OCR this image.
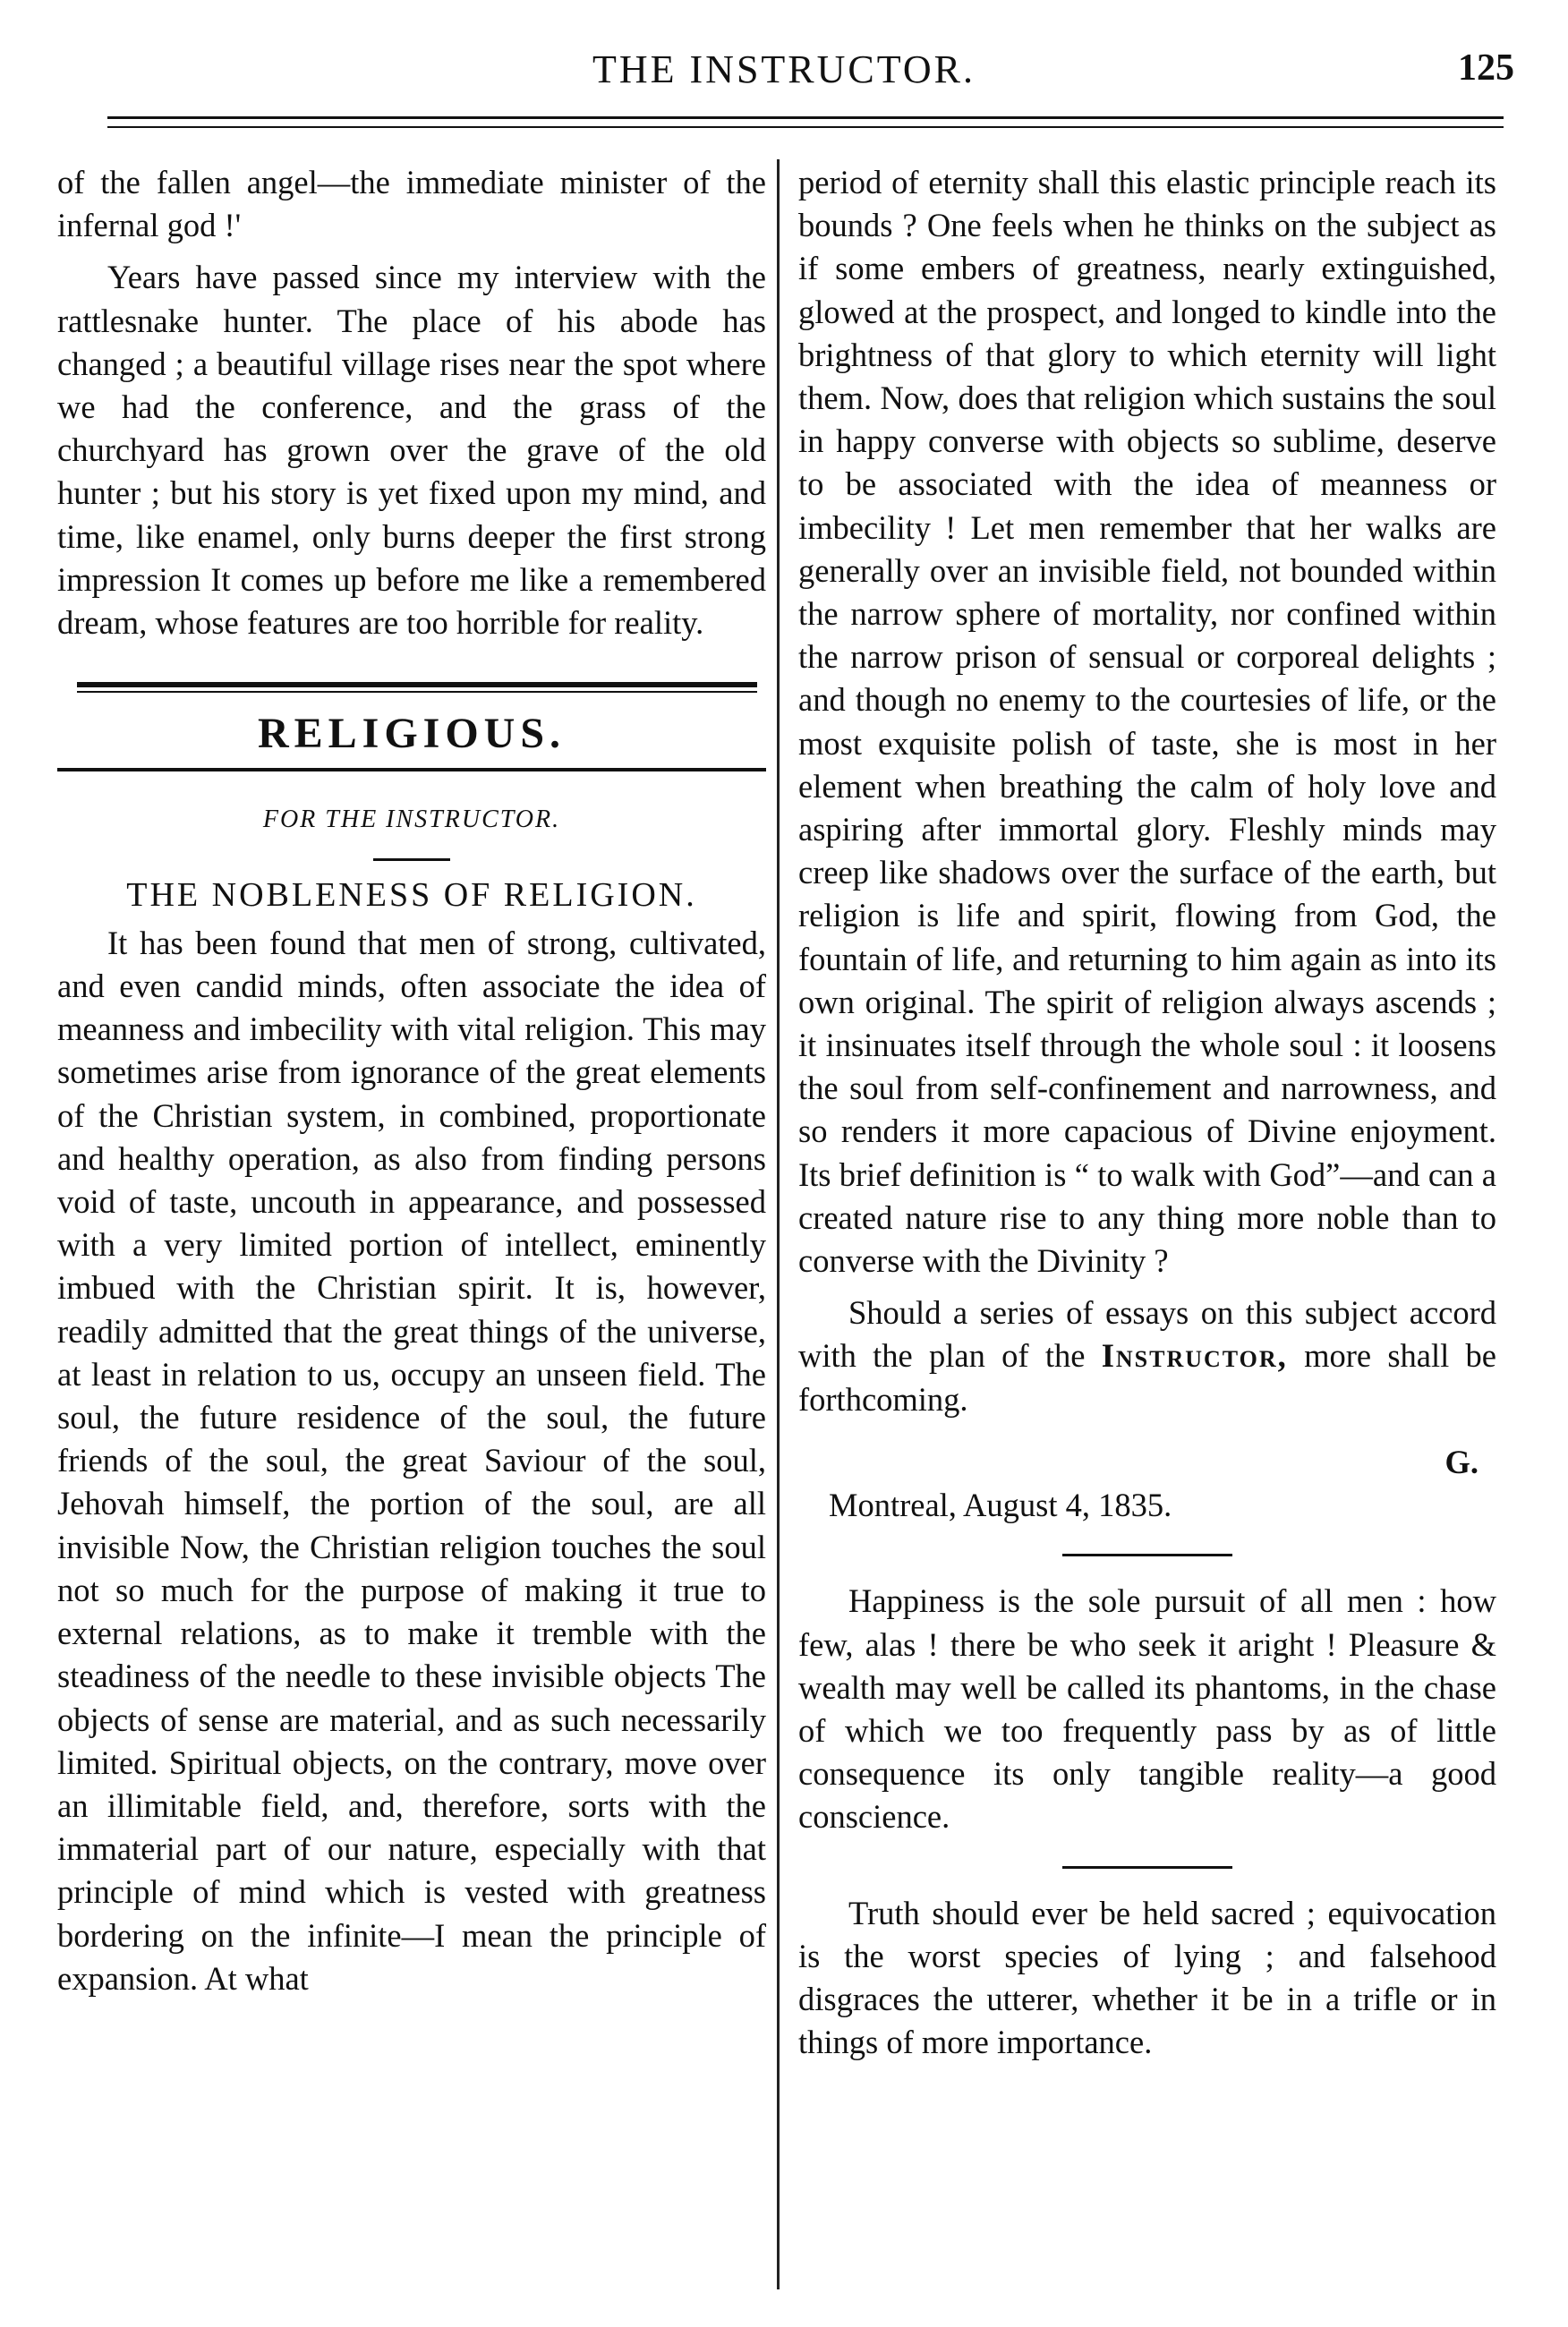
THE INSTRUCTOR.	125

of the fallen angel—the immediate minister of the infernal god !'

Years have passed since my interview with the rattlesnake hunter. The place of his abode has changed ; a beautiful village rises near the spot where we had the conference, and the grass of the churchyard has grown over the grave of the old hunter ; but his story is yet fixed upon my mind, and time, like enamel, only burns deeper the first strong impression It comes up before me like a remembered dream, whose features are too horrible for reality.

RELIGIOUS.
FOR THE INSTRUCTOR.
THE NOBLENESS OF RELIGION.

It has been found that men of strong, cultivated, and even candid minds, often associate the idea of meanness and imbecility with vital religion. This may sometimes arise from ignorance of the great elements of the Christian system, in combined, proportionate and healthy operation, as also from finding persons void of taste, uncouth in appearance, and possessed with a very limited portion of intellect, eminently imbued with the Christian spirit. It is, however, readily admitted that the great things of the universe, at least in relation to us, occupy an unseen field. The soul, the future residence of the soul, the future friends of the soul, the great Saviour of the soul, Jehovah himself, the portion of the soul, are all invisible Now, the Christian religion touches the soul not so much for the purpose of making it true to external relations, as to make it tremble with the steadiness of the needle to these invisible objects The objects of sense are material, and as such necessarily limited. Spiritual objects, on the contrary, move over an illimitable field, and, therefore, sorts with the immaterial part of our nature, especially with that principle of mind which is vested with greatness bordering on the infinite—I mean the principle of expansion. At what

period of eternity shall this elastic principle reach its bounds ? One feels when he thinks on the subject as if some embers of greatness, nearly extinguished, glowed at the prospect, and longed to kindle into the brightness of that glory to which eternity will light them. Now, does that religion which sustains the soul in happy converse with objects so sublime, deserve to be associated with the idea of meanness or imbecility ! Let men remember that her walks are generally over an invisible field, not bounded within the narrow sphere of mortality, nor confined within the narrow prison of sensual or corporeal delights ; and though no enemy to the courtesies of life, or the most exquisite polish of taste, she is most in her element when breathing the calm of holy love and aspiring after immortal glory. Fleshly minds may creep like shadows over the surface of the earth, but religion is life and spirit, flowing from God, the fountain of life, and returning to him again as into its own original. The spirit of religion always ascends ; it insinuates itself through the whole soul : it loosens the soul from self-confinement and narrowness, and so renders it more capacious of Divine enjoyment. Its brief definition is “ to walk with God”—and can a created nature rise to any thing more noble than to converse with the Divinity ?

Should a series of essays on this subject accord with the plan of the Instructor, more shall be forthcoming.

G.

Montreal, August 4, 1835.

Happiness is the sole pursuit of all men : how few, alas ! there be who seek it aright ! Pleasure & wealth may well be called its phantoms, in the chase of which we too frequently pass by as of little consequence its only tangible reality—a good conscience.

Truth should ever be held sacred ; equivocation is the worst species of lying ; and falsehood disgraces the utterer, whether it be in a trifle or in things of more importance.
